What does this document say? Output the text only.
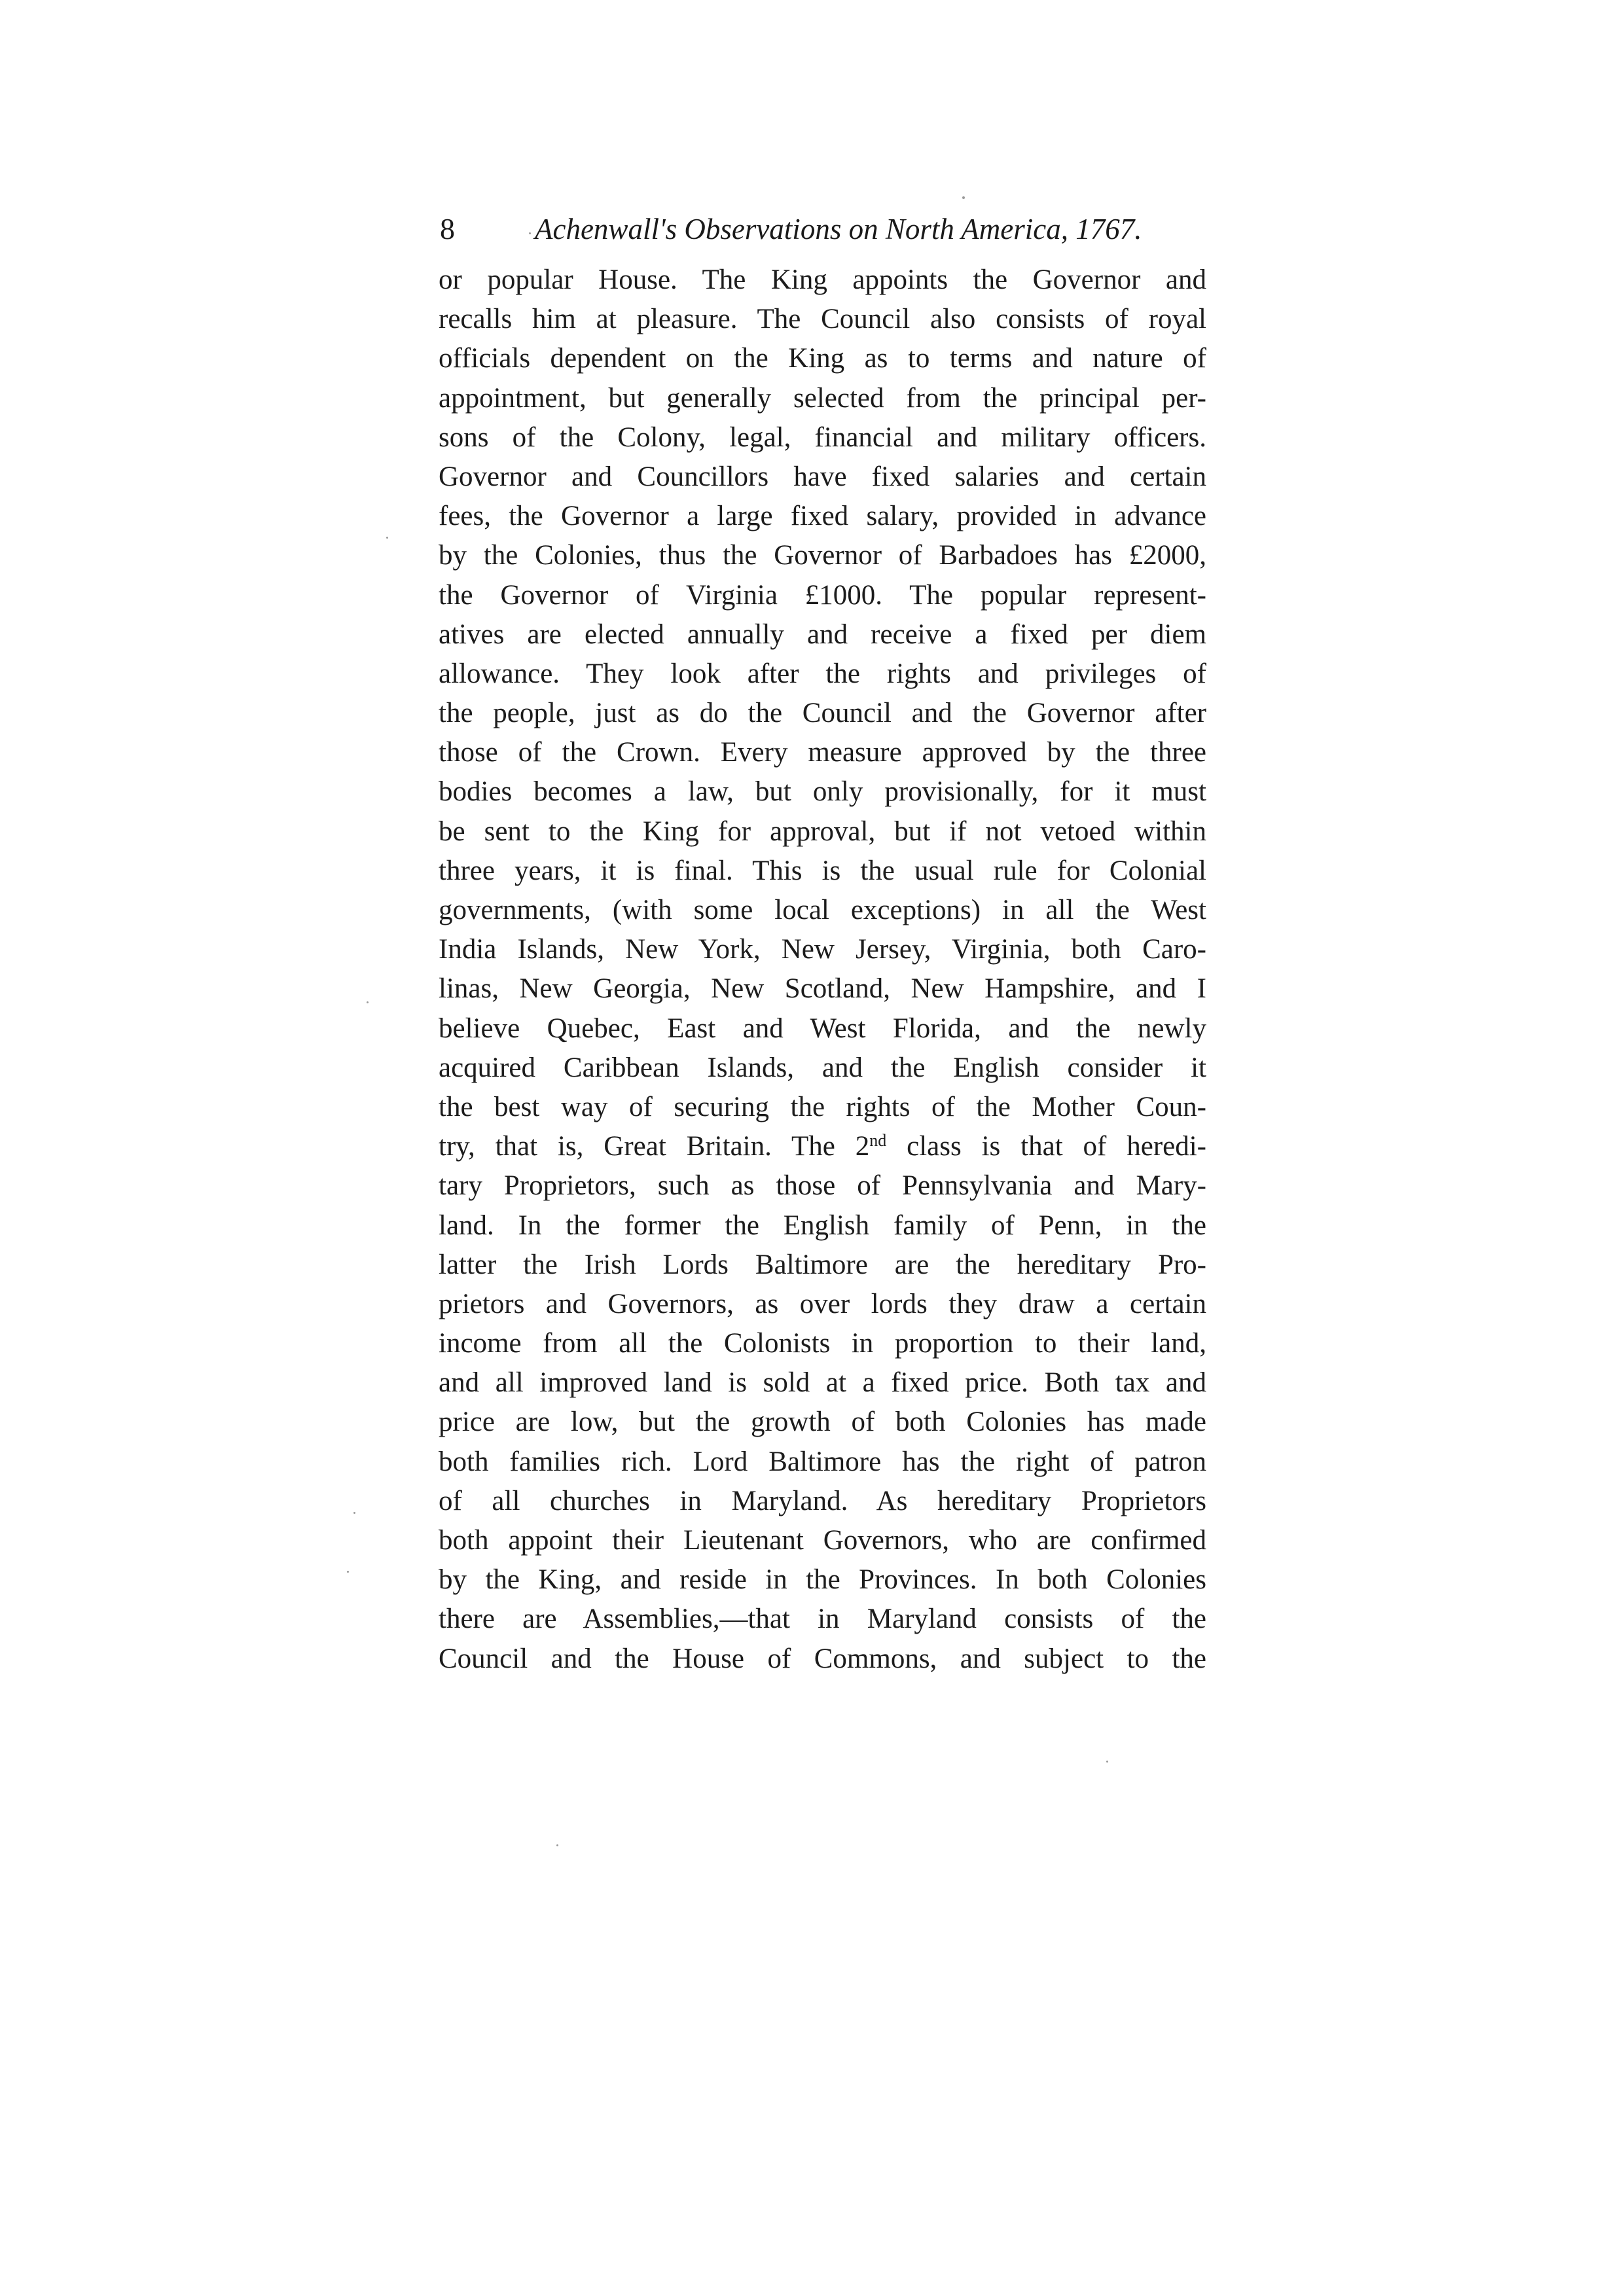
8	Achenwall's Observations on North America, 1767.
or popular House. The King appoints the Governor and
recalls him at pleasure. The Council also consists of royal
officials dependent on the King as to terms and nature of
appointment, but generally selected from the principal per-
sons of the Colony, legal, financial and military officers.
Governor and Councillors have fixed salaries and certain
fees, the Governor a large fixed salary, provided in advance
by the Colonies, thus the Governor of Barbadoes has £2000,
the Governor of Virginia £1000. The popular represent-
atives are elected annually and receive a fixed per diem
allowance. They look after the rights and privileges of
the people, just as do the Council and the Governor after
those of the Crown. Every measure approved by the three
bodies becomes a law, but only provisionally, for it must
be sent to the King for approval, but if not vetoed within
three years, it is final. This is the usual rule for Colonial
governments, (with some local exceptions) in all the West
India Islands, New York, New Jersey, Virginia, both Caro-
linas, New Georgia, New Scotland, New Hampshire, and I
believe Quebec, East and West Florida, and the newly
acquired Caribbean Islands, and the English consider it
the best way of securing the rights of the Mother Coun-
try, that is, Great Britain. The 2nd class is that of heredi-
tary Proprietors, such as those of Pennsylvania and Mary-
land. In the former the English family of Penn, in the
latter the Irish Lords Baltimore are the hereditary Pro-
prietors and Governors, as over lords they draw a certain
income from all the Colonists in proportion to their land,
and all improved land is sold at a fixed price. Both tax and
price are low, but the growth of both Colonies has made
both families rich. Lord Baltimore has the right of patron
of all churches in Maryland. As hereditary Proprietors
both appoint their Lieutenant Governors, who are confirmed
by the King, and reside in the Provinces. In both Colonies
there are Assemblies,—that in Maryland consists of the
Council and the House of Commons, and subject to the
